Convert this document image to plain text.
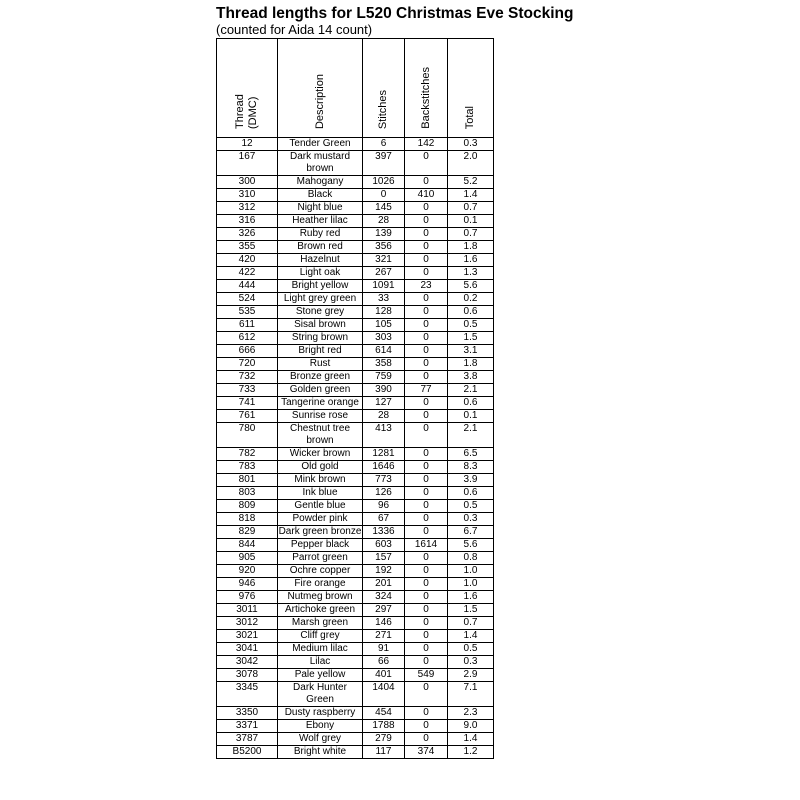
Thread lengths for L520 Christmas Eve Stocking
(counted for Aida 14 count)
Thread (DMC)	Description	Stitches	Backstitches	Total
12	Tender Green	6	142	0.3
167	Dark mustard brown	397	0	2.0
300	Mahogany	1026	0	5.2
310	Black	0	410	1.4
312	Night blue	145	0	0.7
316	Heather lilac	28	0	0.1
326	Ruby red	139	0	0.7
355	Brown red	356	0	1.8
420	Hazelnut	321	0	1.6
422	Light oak	267	0	1.3
444	Bright yellow	1091	23	5.6
524	Light grey green	33	0	0.2
535	Stone grey	128	0	0.6
611	Sisal brown	105	0	0.5
612	String brown	303	0	1.5
666	Bright red	614	0	3.1
720	Rust	358	0	1.8
732	Bronze green	759	0	3.8
733	Golden green	390	77	2.1
741	Tangerine orange	127	0	0.6
761	Sunrise rose	28	0	0.1
780	Chestnut tree brown	413	0	2.1
782	Wicker brown	1281	0	6.5
783	Old gold	1646	0	8.3
801	Mink brown	773	0	3.9
803	Ink blue	126	0	0.6
809	Gentle blue	96	0	0.5
818	Powder pink	67	0	0.3
829	Dark green bronze	1336	0	6.7
844	Pepper black	603	1614	5.6
905	Parrot green	157	0	0.8
920	Ochre copper	192	0	1.0
946	Fire orange	201	0	1.0
976	Nutmeg brown	324	0	1.6
3011	Artichoke green	297	0	1.5
3012	Marsh green	146	0	0.7
3021	Cliff grey	271	0	1.4
3041	Medium lilac	91	0	0.5
3042	Lilac	66	0	0.3
3078	Pale yellow	401	549	2.9
3345	Dark Hunter Green	1404	0	7.1
3350	Dusty raspberry	454	0	2.3
3371	Ebony	1788	0	9.0
3787	Wolf grey	279	0	1.4
B5200	Bright white	117	374	1.2
